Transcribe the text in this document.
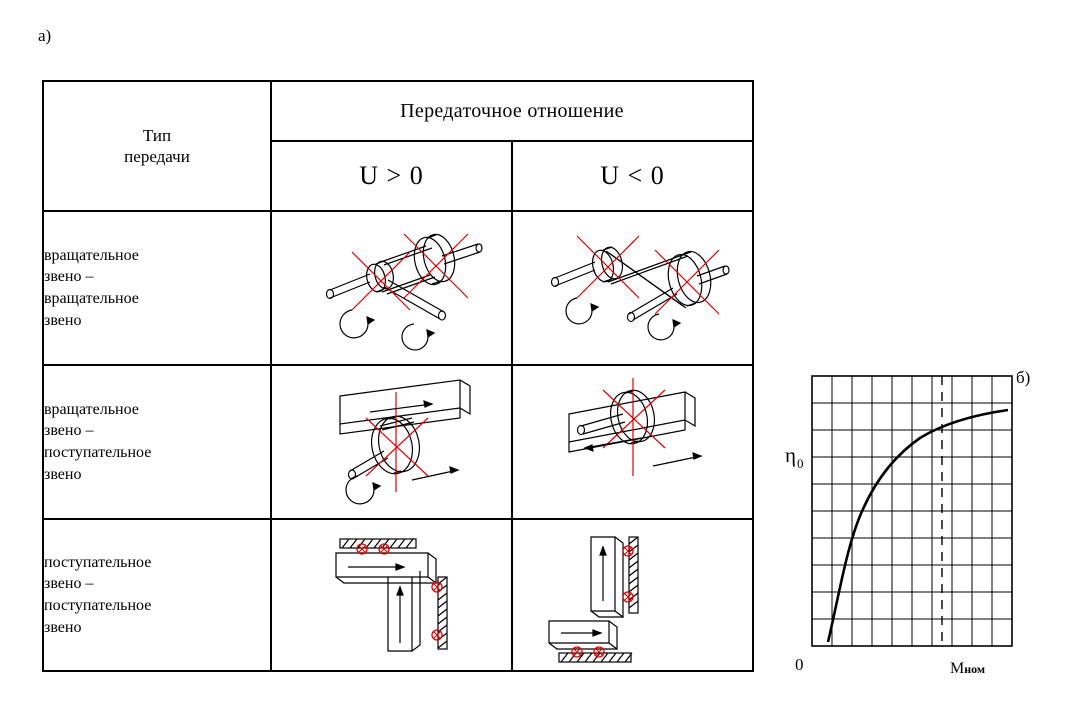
а)
Тип
передачи	Передаточное отношение	
	U > 0	U < 0

вращательное
звено –
вращательное
звено

вращательное
звено –
поступательное
звено

поступательное
звено –
поступательное
звено

б)
$\eta_0$
0	Mном
